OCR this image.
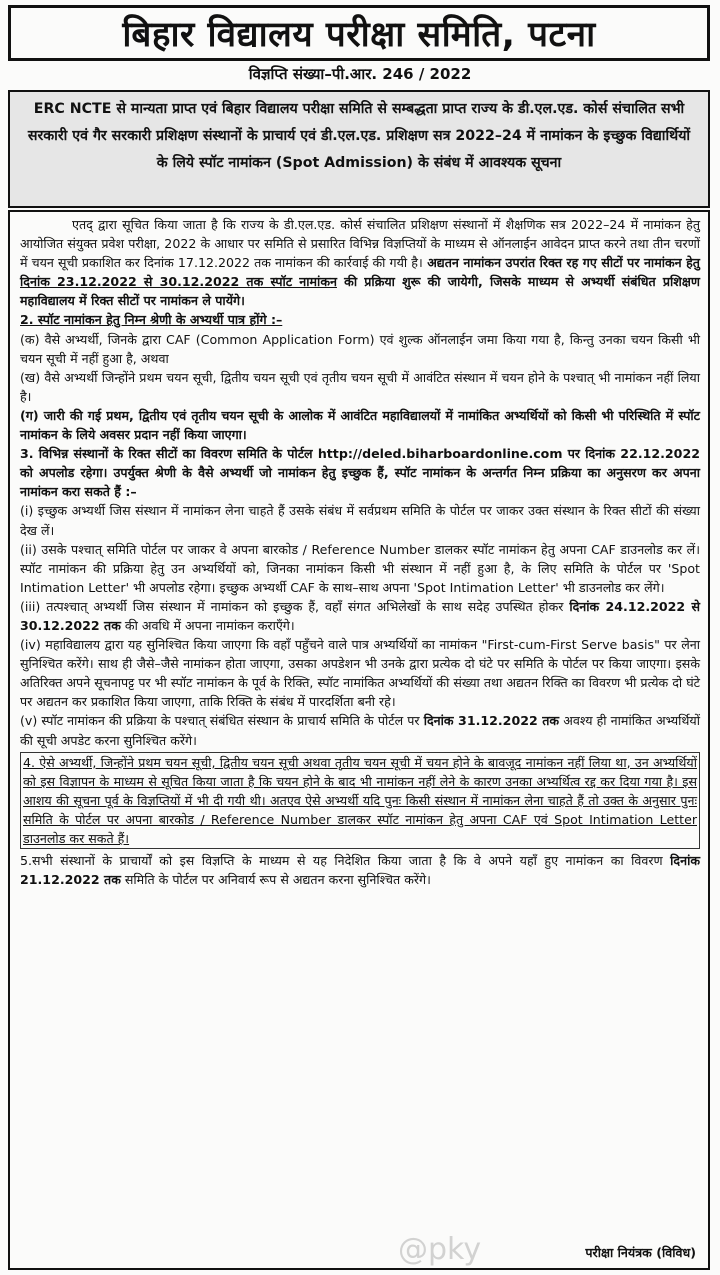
बिहार विद्यालय परीक्षा समिति, पटना
विज्ञप्ति संख्या–पी.आर. 246 / 2022
ERC NCTE से मान्यता प्राप्त एवं बिहार विद्यालय परीक्षा समिति से सम्बद्धता प्राप्त राज्य के डी.एल.एड. कोर्स संचालित सभी सरकारी एवं गैर सरकारी प्रशिक्षण संस्थानों के प्राचार्य एवं डी.एल.एड. प्रशिक्षण सत्र 2022–24 में नामांकन के इच्छुक विद्यार्थियों के लिये स्पॉट नामांकन (Spot Admission) के संबंध में आवश्यक सूचना

एतद् द्वारा सूचित किया जाता है कि राज्य के डी.एल.एड. कोर्स संचालित प्रशिक्षण संस्थानों में शैक्षणिक सत्र 2022–24 में नामांकन हेतु आयोजित संयुक्त प्रवेश परीक्षा, 2022 के आधार पर समिति से प्रसारित विभिन्न विज्ञप्तियों के माध्यम से ऑनलाईन आवेदन प्राप्त करने तथा तीन चरणों में चयन सूची प्रकाशित कर दिनांक 17.12.2022 तक नामांकन की कार्रवाई की गयी है। अद्यतन नामांकन उपरांत रिक्त रह गए सीटों पर नामांकन हेतु दिनांक 23.12.2022 से 30.12.2022 तक स्पॉट नामांकन की प्रक्रिया शुरू की जायेगी, जिसके माध्यम से अभ्यर्थी संबंधित प्रशिक्षण महाविद्यालय में रिक्त सीटों पर नामांकन ले पायेंगे।

2. स्पॉट नामांकन हेतु निम्न श्रेणी के अभ्यर्थी पात्र होंगे :–

(क) वैसे अभ्यर्थी, जिनके द्वारा CAF (Common Application Form) एवं शुल्क ऑनलाईन जमा किया गया है, किन्तु उनका चयन किसी भी चयन सूची में नहीं हुआ है, अथवा

(ख) वैसे अभ्यर्थी जिन्होंने प्रथम चयन सूची, द्वितीय चयन सूची एवं तृतीय चयन सूची में आवंटित संस्थान में चयन होने के पश्चात् भी नामांकन नहीं लिया है।

(ग) जारी की गई प्रथम, द्वितीय एवं तृतीय चयन सूची के आलोक में आवंटित महाविद्यालयों में नामांकित अभ्यर्थियों को किसी भी परिस्थिति में स्पॉट नामांकन के लिये अवसर प्रदान नहीं किया जाएगा।

3. विभिन्न संस्थानों के रिक्त सीटों का विवरण समिति के पोर्टल http://deled.biharboardonline.com पर दिनांक 22.12.2022 को अपलोड रहेगा। उपर्युक्त श्रेणी के वैसे अभ्यर्थी जो नामांकन हेतु इच्छुक हैं, स्पॉट नामांकन के अन्तर्गत निम्न प्रक्रिया का अनुसरण कर अपना नामांकन करा सकते हैं :–

(i) इच्छुक अभ्यर्थी जिस संस्थान में नामांकन लेना चाहते हैं उसके संबंध में सर्वप्रथम समिति के पोर्टल पर जाकर उक्त संस्थान के रिक्त सीटों की संख्या देख लें।

(ii) उसके पश्चात् समिति पोर्टल पर जाकर वे अपना बारकोड / Reference Number डालकर स्पॉट नामांकन हेतु अपना CAF डाउनलोड कर लें। स्पॉट नामांकन की प्रक्रिया हेतु उन अभ्यर्थियों को, जिनका नामांकन किसी भी संस्थान में नहीं हुआ है, के लिए समिति के पोर्टल पर 'Spot Intimation Letter' भी अपलोड रहेगा। इच्छुक अभ्यर्थी CAF के साथ–साथ अपना 'Spot Intimation Letter' भी डाउनलोड कर लेंगे।

(iii) तत्पश्चात् अभ्यर्थी जिस संस्थान में नामांकन को इच्छुक हैं, वहाँ संगत अभिलेखों के साथ सदेह उपस्थित होकर दिनांक 24.12.2022 से 30.12.2022 तक की अवधि में अपना नामांकन कराएँगे।

(iv) महाविद्यालय द्वारा यह सुनिश्चित किया जाएगा कि वहाँ पहुँचने वाले पात्र अभ्यर्थियों का नामांकन "First-cum-First Serve basis" पर लेना सुनिश्चित करेंगे। साथ ही जैसे–जैसे नामांकन होता जाएगा, उसका अपडेशन भी उनके द्वारा प्रत्येक दो घंटे पर समिति के पोर्टल पर किया जाएगा। इसके अतिरिक्त अपने सूचनापट्ट पर भी स्पॉट नामांकन के पूर्व के रिक्ति, स्पॉट नामांकित अभ्यर्थियों की संख्या तथा अद्यतन रिक्ति का विवरण भी प्रत्येक दो घंटे पर अद्यतन कर प्रकाशित किया जाएगा, ताकि रिक्ति के संबंध में पारदर्शिता बनी रहे।

(v) स्पॉट नामांकन की प्रक्रिया के पश्चात् संबंधित संस्थान के प्राचार्य समिति के पोर्टल पर दिनांक 31.12.2022 तक अवश्य ही नामांकित अभ्यर्थियों की सूची अपडेट करना सुनिश्चित करेंगे।

4. ऐसे अभ्यर्थी, जिन्होंने प्रथम चयन सूची, द्वितीय चयन सूची अथवा तृतीय चयन सूची में चयन होने के बावजूद नामांकन नहीं लिया था, उन अभ्यर्थियों को इस विज्ञापन के माध्यम से सूचित किया जाता है कि चयन होने के बाद भी नामांकन नहीं लेने के कारण उनका अभ्यर्थित्व रद्द कर दिया गया है। इस आशय की सूचना पूर्व के विज्ञप्तियों में भी दी गयी थी। अतएव ऐसे अभ्यर्थी यदि पुनः किसी संस्थान में नामांकन लेना चाहते हैं तो उक्त के अनुसार पुनः समिति के पोर्टल पर अपना बारकोड / Reference Number डालकर स्पॉट नामांकन हेतु अपना CAF एवं Spot Intimation Letter डाउनलोड कर सकते हैं।

5.सभी संस्थानों के प्राचार्यों को इस विज्ञप्ति के माध्यम से यह निदेशित किया जाता है कि वे अपने यहाँ हुए नामांकन का विवरण दिनांक 21.12.2022 तक समिति के पोर्टल पर अनिवार्य रूप से अद्यतन करना सुनिश्चित करेंगे।

परीक्षा नियंत्रक (विविध)
@pky
